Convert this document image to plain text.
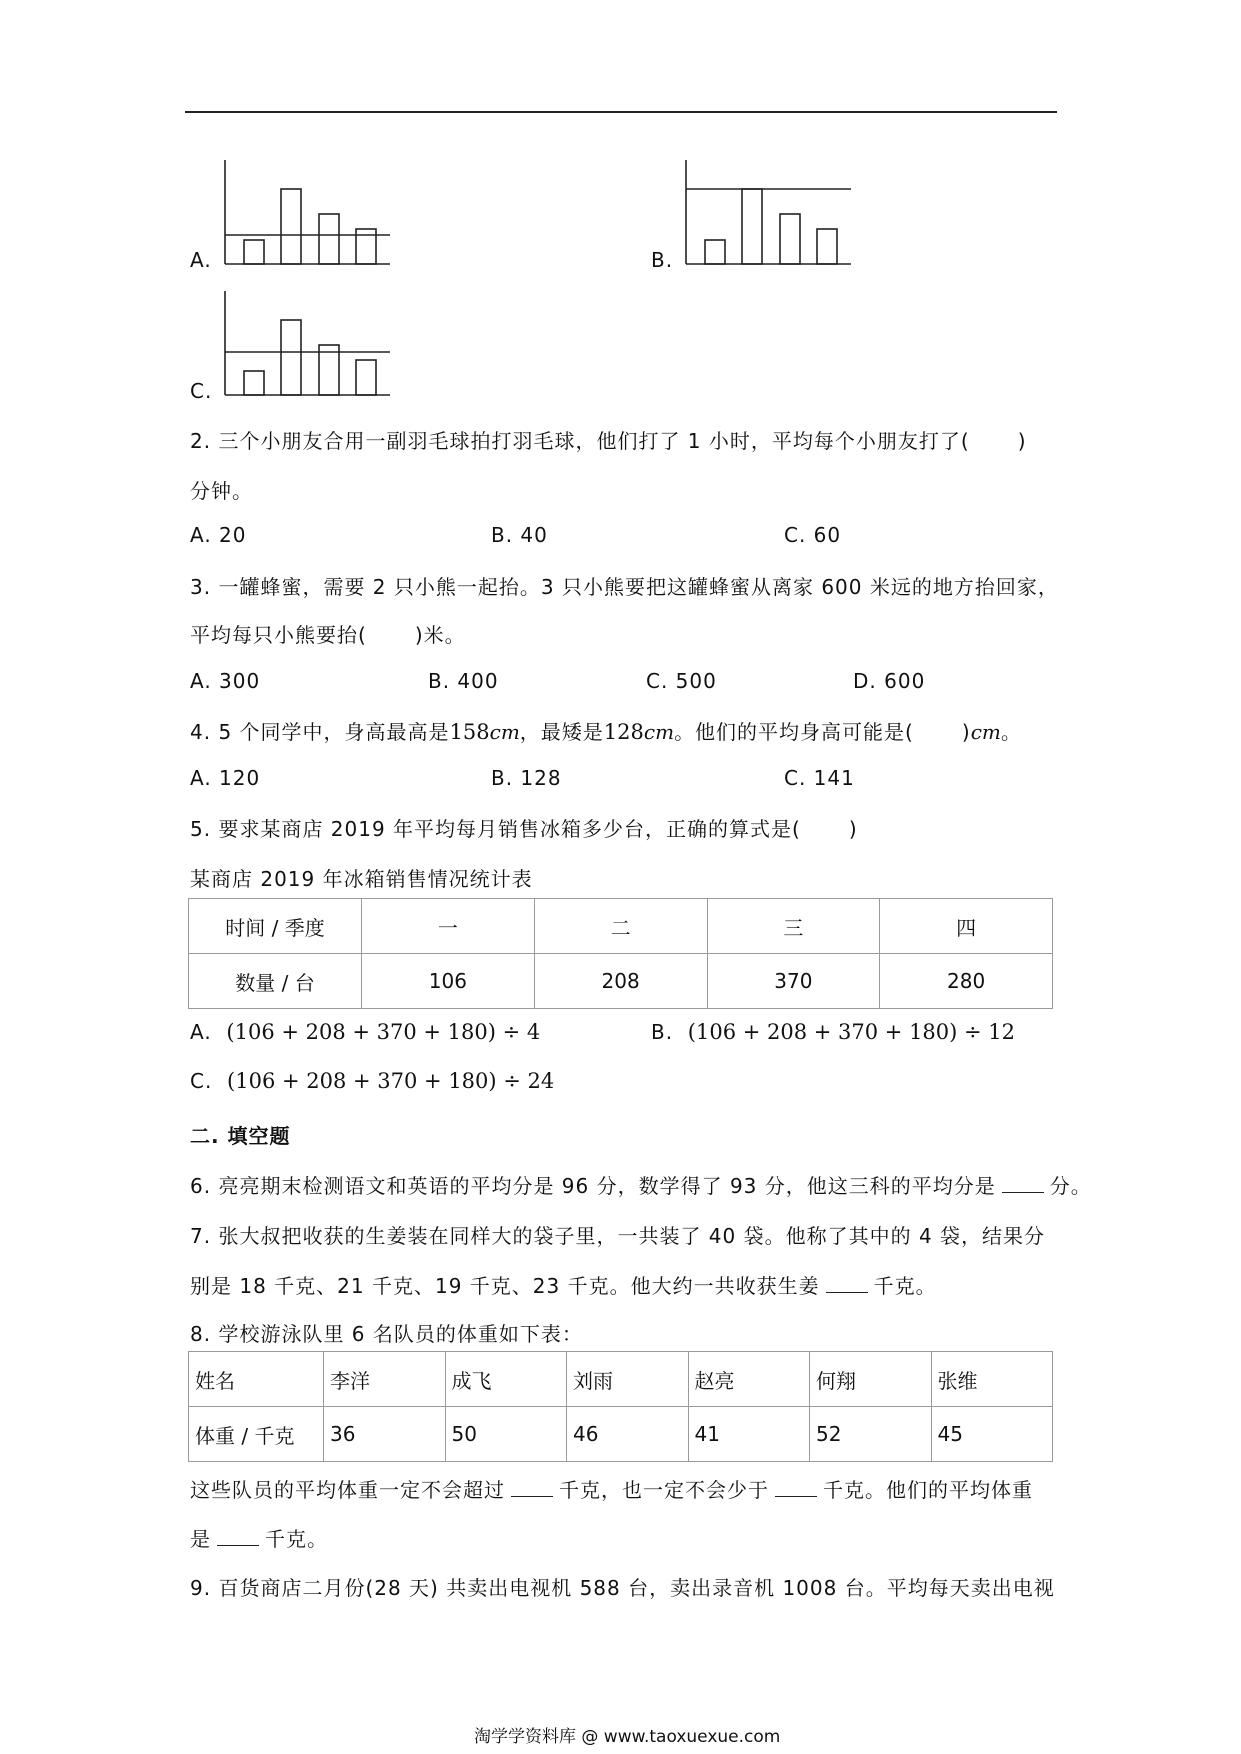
A.	B.
C.
2. 三个小朋友合用一副羽毛球拍打羽毛球，他们打了 1 小时，平均每个小朋友打了( )
分钟。
A. 20	B. 40	C. 60
3. 一罐蜂蜜，需要 2 只小熊一起抬。3 只小熊要把这罐蜂蜜从离家 600 米远的地方抬回家，
平均每只小熊要抬( )米。
A. 300	B. 400	C. 500	D. 600
4. 5 个同学中，身高最高是158cm，最矮是128cm。他们的平均身高可能是( )cm。
A. 120	B. 128	C. 141
5. 要求某商店 2019 年平均每月销售冰箱多少台，正确的算式是( )
某商店 2019 年冰箱销售情况统计表
时间 / 季度	一	二	三	四
数量 / 台	106	208	370	280
A. (106 + 208 + 370 + 180) ÷ 4	B. (106 + 208 + 370 + 180) ÷ 12
C. (106 + 208 + 370 + 180) ÷ 24
二. 填空题
6. 亮亮期末检测语文和英语的平均分是 96 分，数学得了 93 分，他这三科的平均分是	分。
7. 张大叔把收获的生姜装在同样大的袋子里，一共装了 40 袋。他称了其中的 4 袋，结果分
别是 18 千克、21 千克、19 千克、23 千克。他大约一共收获生姜	千克。
8. 学校游泳队里 6 名队员的体重如下表：
姓名	李洋	成飞	刘雨	赵亮	何翔	张维
体重 / 千克	36	50	46	41	52	45
这些队员的平均体重一定不会超过	千克，也一定不会少于	千克。他们的平均体重
是	千克。
9. 百货商店二月份(28 天) 共卖出电视机 588 台，卖出录音机 1008 台。平均每天卖出电视
淘学学资料库 @ www.taoxuexue.com
